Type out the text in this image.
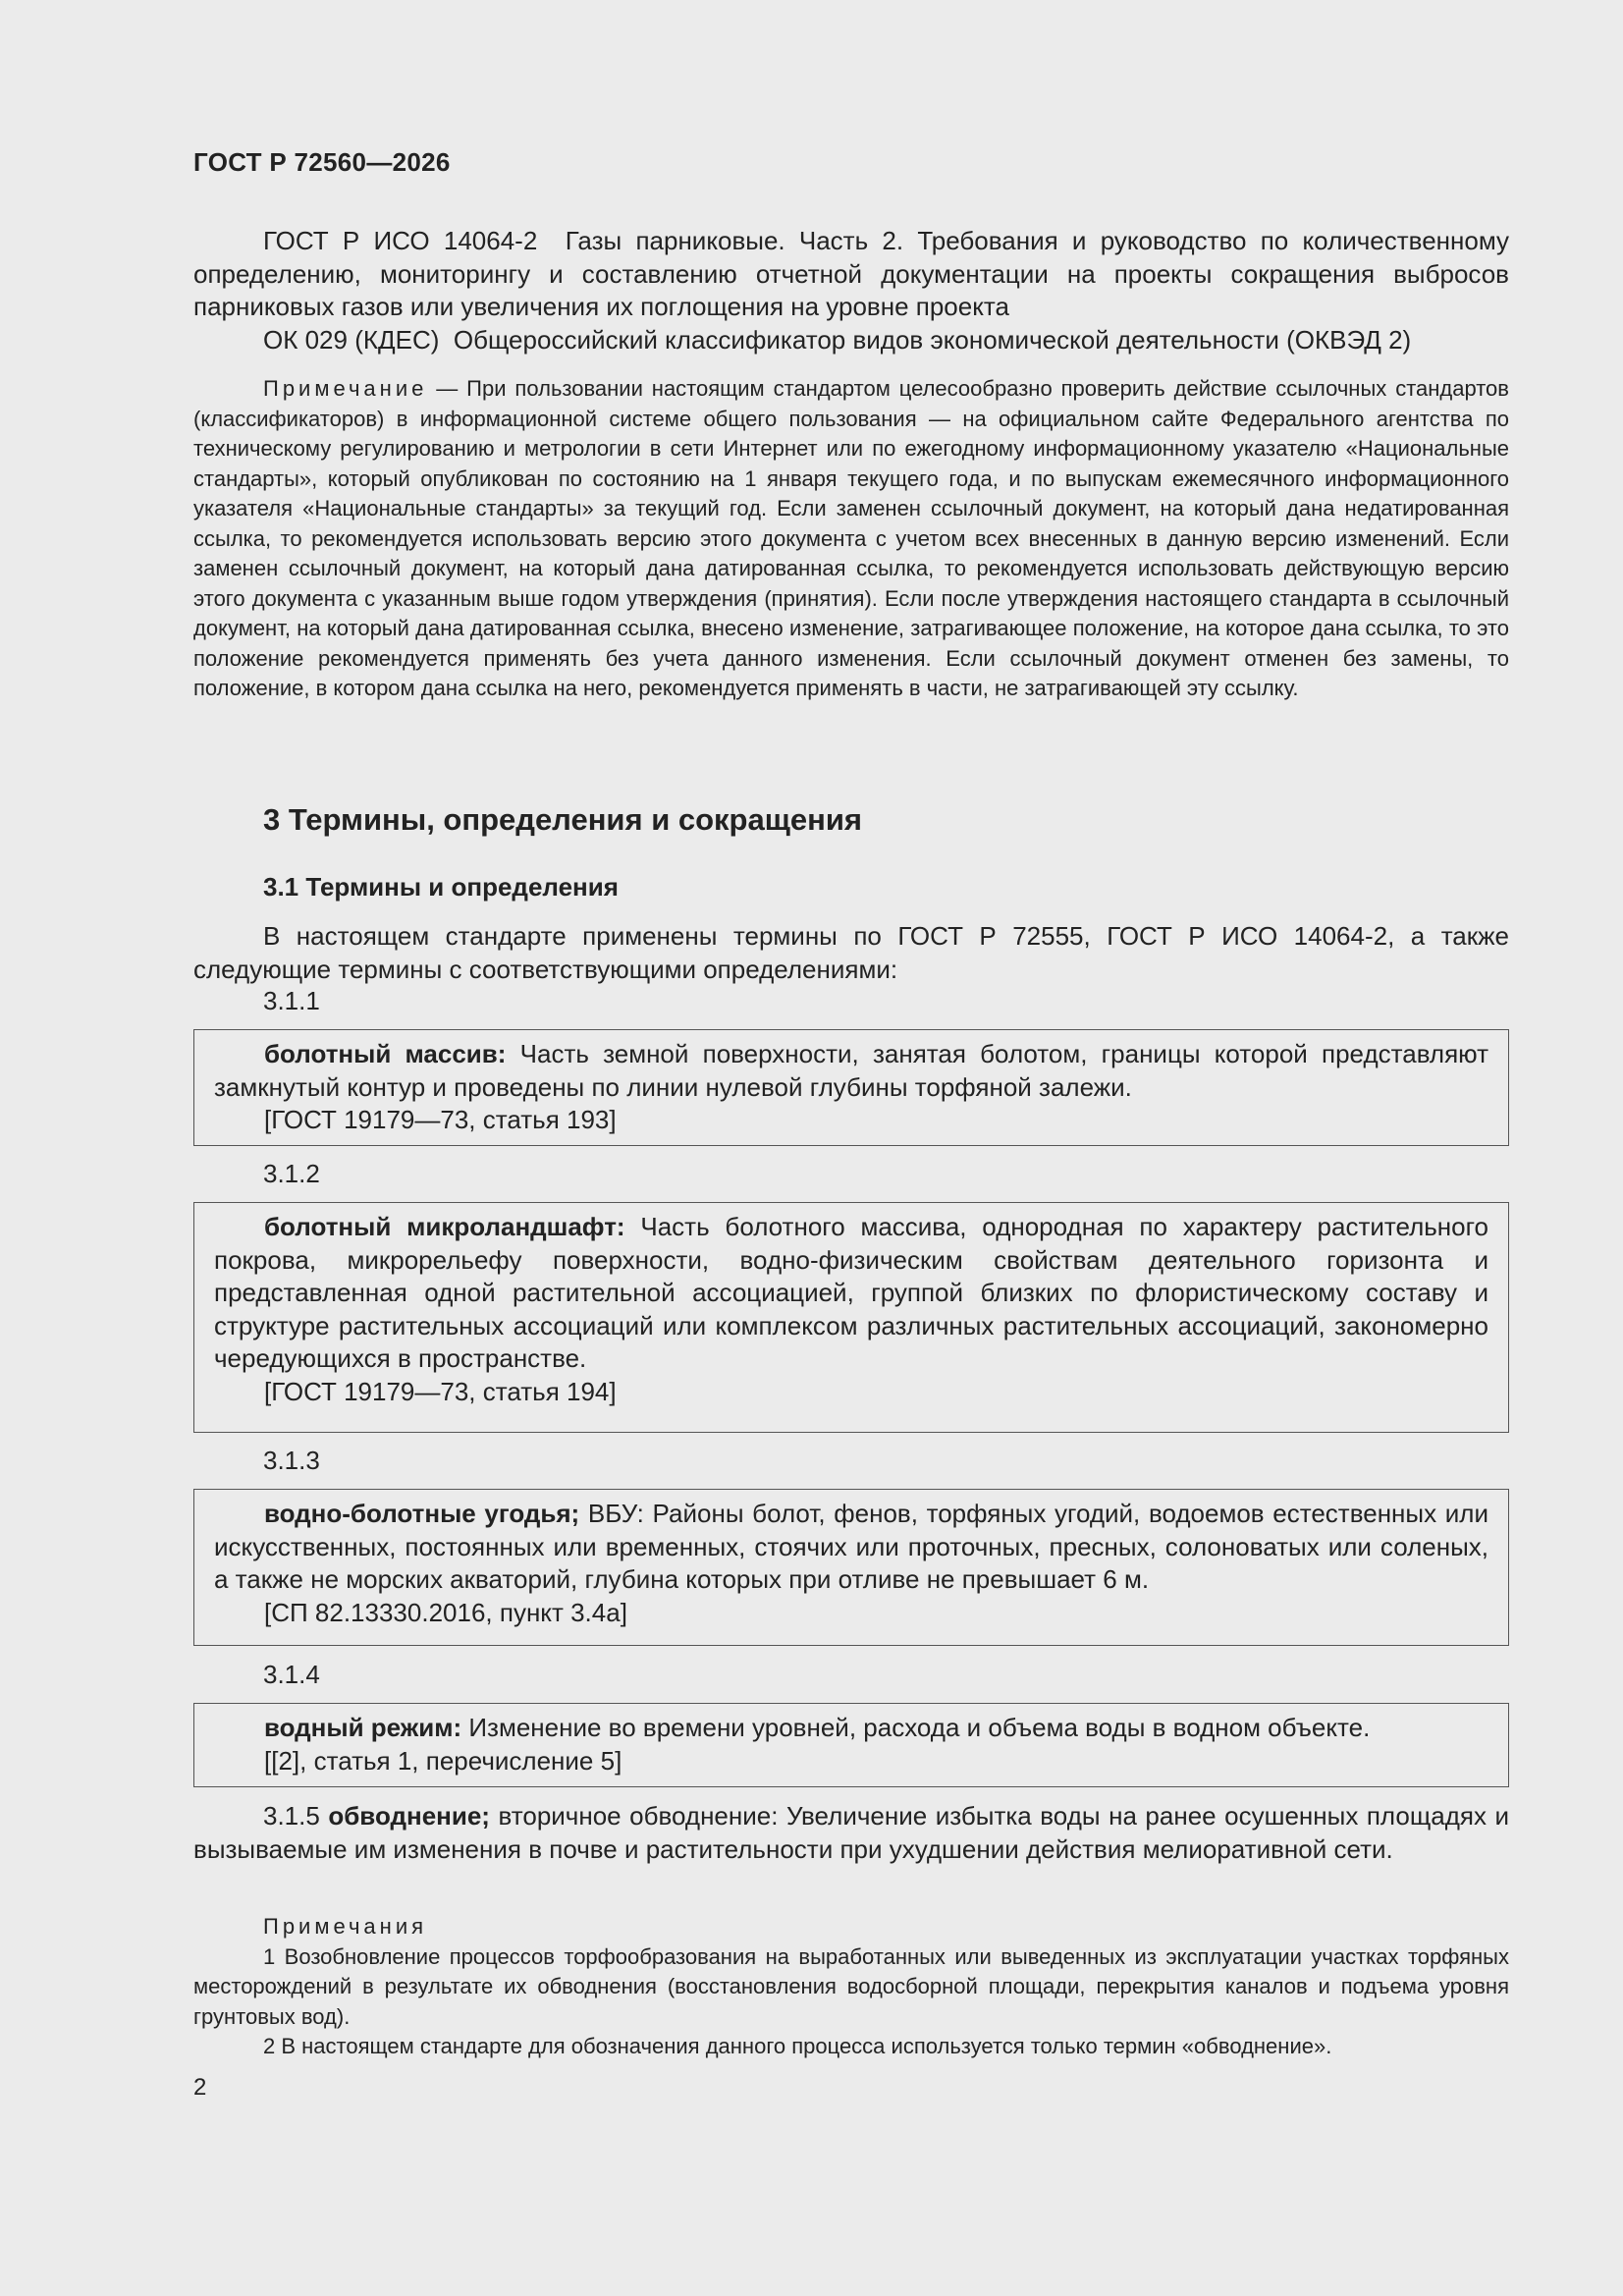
ГОСТ Р 72560—2026

ГОСТ Р ИСО 14064-2 Газы парниковые. Часть 2. Требования и руководство по количественному определению, мониторингу и составлению отчетной документации на проекты сокращения выбросов парниковых газов или увеличения их поглощения на уровне проекта

ОК 029 (КДЕС) Общероссийский классификатор видов экономической деятельности (ОКВЭД 2)

Примечание — При пользовании настоящим стандартом целесообразно проверить действие ссылочных стандартов (классификаторов) в информационной системе общего пользования — на официальном сайте Федерального агентства по техническому регулированию и метрологии в сети Интернет или по ежегодному информационному указателю «Национальные стандарты», который опубликован по состоянию на 1 января текущего года, и по выпускам ежемесячного информационного указателя «Национальные стандарты» за текущий год. Если заменен ссылочный документ, на который дана недатированная ссылка, то рекомендуется использовать версию этого документа с учетом всех внесенных в данную версию изменений. Если заменен ссылочный документ, на который дана датированная ссылка, то рекомендуется использовать действующую версию этого документа с указанным выше годом утверждения (принятия). Если после утверждения настоящего стандарта в ссылочный документ, на который дана датированная ссылка, внесено изменение, затрагивающее положение, на которое дана ссылка, то это положение рекомендуется применять без учета данного изменения. Если ссылочный документ отменен без замены, то положение, в котором дана ссылка на него, рекомендуется применять в части, не затрагивающей эту ссылку.

3 Термины, определения и сокращения
3.1 Термины и определения

В настоящем стандарте применены термины по ГОСТ Р 72555, ГОСТ Р ИСО 14064-2, а также следующие термины с соответствующими определениями:

3.1.1

болотный массив: Часть земной поверхности, занятая болотом, границы которой представляют замкнутый контур и проведены по линии нулевой глубины торфяной залежи.

[ГОСТ 19179—73, статья 193]

3.1.2

болотный микроландшафт: Часть болотного массива, однородная по характеру растительного покрова, микрорельефу поверхности, водно-физическим свойствам деятельного горизонта и представленная одной растительной ассоциацией, группой близких по флористическому составу и структуре растительных ассоциаций или комплексом различных растительных ассоциаций, закономерно чередующихся в пространстве.

[ГОСТ 19179—73, статья 194]

3.1.3

водно-болотные угодья; ВБУ: Районы болот, фенов, торфяных угодий, водоемов естественных или искусственных, постоянных или временных, стоячих или проточных, пресных, солоноватых или соленых, а также не морских акваторий, глубина которых при отливе не превышает 6 м.

[СП 82.13330.2016, пункт 3.4а]

3.1.4

водный режим: Изменение во времени уровней, расхода и объема воды в водном объекте.

[[2], статья 1, перечисление 5]

3.1.5 обводнение; вторичное обводнение: Увеличение избытка воды на ранее осушенных площадях и вызываемые им изменения в почве и растительности при ухудшении действия мелиоративной сети.

Примечания

1 Возобновление процессов торфообразования на выработанных или выведенных из эксплуатации участках торфяных месторождений в результате их обводнения (восстановления водосборной площади, перекрытия каналов и подъема уровня грунтовых вод).

2 В настоящем стандарте для обозначения данного процесса используется только термин «обводнение».

2
